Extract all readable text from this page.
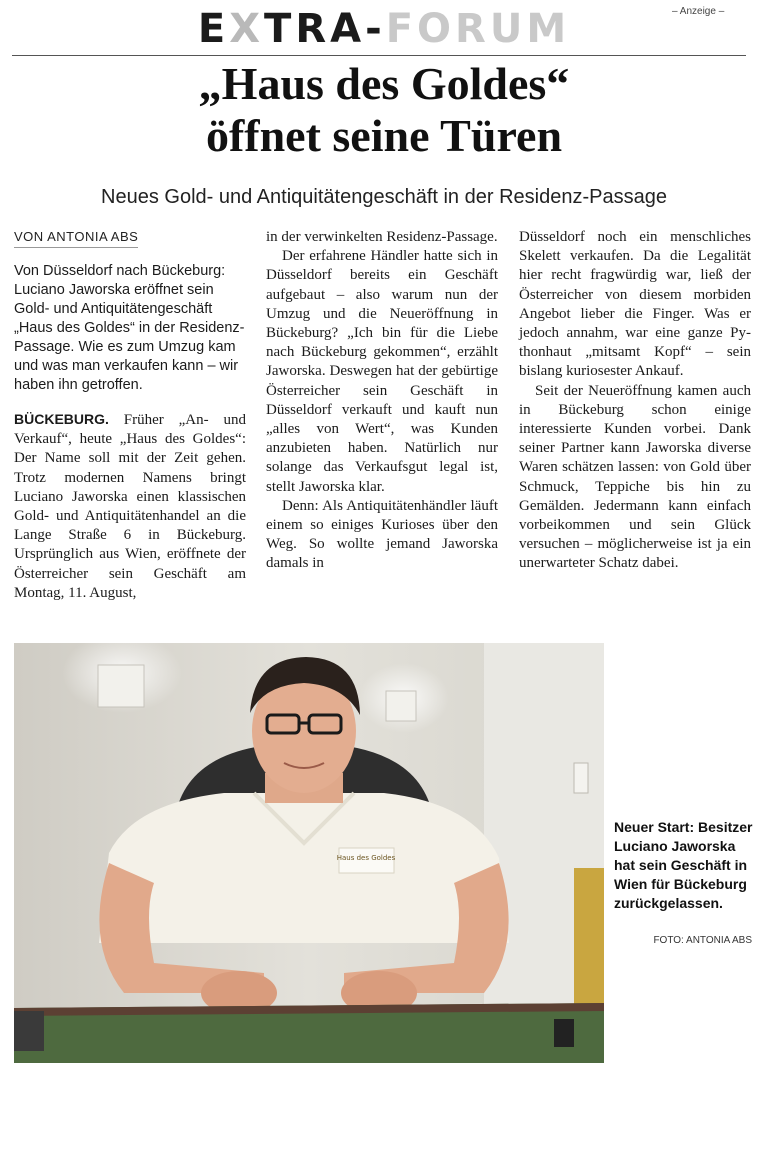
– Anzeige –
EXTRA-FORUM
„Haus des Goldes“
öffnet seine Türen
Neues Gold- und Antiquitätengeschäft in der Residenz-Passage
VON ANTONIA ABS

Von Düsseldorf nach Bückeburg: Luciano Jaworska eröffnet sein Gold- und Antiquitätengeschäft „Haus des Goldes“ in der Residenz-Passage. Wie es zum Umzug kam und was man verkaufen kann – wir haben ihn getroffen.

BÜCKEBURG. Früher „An- und Verkauf“, heute „Haus des Goldes“: Der Name soll mit der Zeit gehen. Trotz modernen Namens bringt Luciano Jaworska einen klassischen Gold- und Antiquitätenhandel an die Lange Straße 6 in Bückeburg. Ursprünglich aus Wien, eröffnete der Österreicher sein Geschäft am Montag, 11. August,

in der verwinkelten Residenz-Passage.

Der erfahrene Händler hatte sich in Düsseldorf bereits ein Geschäft aufgebaut – also warum nun der Umzug und die Neueröffnung in Bückeburg? „Ich bin für die Liebe nach Bückeburg gekommen“, erzählt Jaworska. Deswegen hat der gebürtige Österreicher sein Geschäft in Düsseldorf verkauft und kauft nun „alles von Wert“, was Kunden anzubieten haben. Natürlich nur solange das Verkaufsgut legal ist, stellt Jaworska klar.

Denn: Als Antiquitätenhändler läuft einem so einiges Kurioses über den Weg. So wollte jemand Jaworska damals in

Düsseldorf noch ein menschliches Skelett verkaufen. Da die Legalität hier recht fragwürdig war, ließ der Österreicher von diesem morbiden Angebot lieber die Finger. Was er jedoch annahm, war eine ganze Pythonhaut „mitsamt Kopf“ – sein bislang kuriosester Ankauf.

Seit der Neueröffnung kamen auch in Bückeburg schon einige interessierte Kunden vorbei. Dank seiner Partner kann Jaworska diverse Waren schätzen lassen: von Gold über Schmuck, Teppiche bis hin zu Gemälden. Jedermann kann einfach vorbeikommen und sein Glück versuchen – möglicherweise ist ja ein unerwarteter Schatz dabei.

Haus des Goldes
Neuer Start: Besitzer Luciano Jaworska hat sein Geschäft in Wien für Bückeburg zurückgelassen.
FOTO: ANTONIA ABS
